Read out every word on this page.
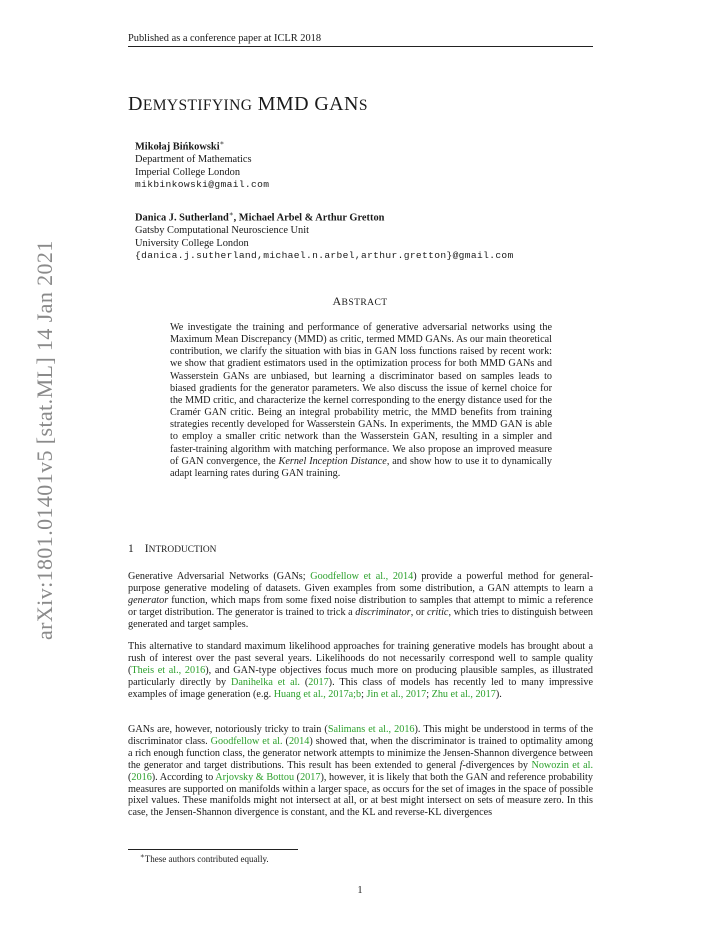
Published as a conference paper at ICLR 2018
arXiv:1801.01401v5 [stat.ML] 14 Jan 2021
DEMYSTIFYING MMD GANS
Mikołaj Bińkowski∗
Department of Mathematics
Imperial College London
mikbinkowski@gmail.com
Danica J. Sutherland∗, Michael Arbel & Arthur Gretton
Gatsby Computational Neuroscience Unit
University College London
{danica.j.sutherland,michael.n.arbel,arthur.gretton}@gmail.com
ABSTRACT
We investigate the training and performance of generative adversarial networks using the Maximum Mean Discrepancy (MMD) as critic, termed MMD GANs. As our main theoretical contribution, we clarify the situation with bias in GAN loss functions raised by recent work: we show that gradient estimators used in the optimization process for both MMD GANs and Wasserstein GANs are unbiased, but learning a discriminator based on samples leads to biased gradients for the generator parameters. We also discuss the issue of kernel choice for the MMD critic, and characterize the kernel corresponding to the energy distance used for the Cramér GAN critic. Being an integral probability metric, the MMD benefits from training strategies recently developed for Wasserstein GANs. In experiments, the MMD GAN is able to employ a smaller critic network than the Wasserstein GAN, resulting in a simpler and faster-training algorithm with matching performance. We also propose an improved measure of GAN convergence, the Kernel Inception Distance, and show how to use it to dynamically adapt learning rates during GAN training.
1 INTRODUCTION
Generative Adversarial Networks (GANs; Goodfellow et al., 2014) provide a powerful method for general-purpose generative modeling of datasets. Given examples from some distribution, a GAN attempts to learn a generator function, which maps from some fixed noise distribution to samples that attempt to mimic a reference or target distribution. The generator is trained to trick a discriminator, or critic, which tries to distinguish between generated and target samples.
This alternative to standard maximum likelihood approaches for training generative models has brought about a rush of interest over the past several years. Likelihoods do not necessarily correspond well to sample quality (Theis et al., 2016), and GAN-type objectives focus much more on producing plausible samples, as illustrated particularly directly by Danihelka et al. (2017). This class of models has recently led to many impressive examples of image generation (e.g. Huang et al., 2017a;b; Jin et al., 2017; Zhu et al., 2017).
GANs are, however, notoriously tricky to train (Salimans et al., 2016). This might be understood in terms of the discriminator class. Goodfellow et al. (2014) showed that, when the discriminator is trained to optimality among a rich enough function class, the generator network attempts to minimize the Jensen-Shannon divergence between the generator and target distributions. This result has been extended to general f-divergences by Nowozin et al. (2016). According to Arjovsky & Bottou (2017), however, it is likely that both the GAN and reference probability measures are supported on manifolds within a larger space, as occurs for the set of images in the space of possible pixel values. These manifolds might not intersect at all, or at best might intersect on sets of measure zero. In this case, the Jensen-Shannon divergence is constant, and the KL and reverse-KL divergences
∗These authors contributed equally.
1
